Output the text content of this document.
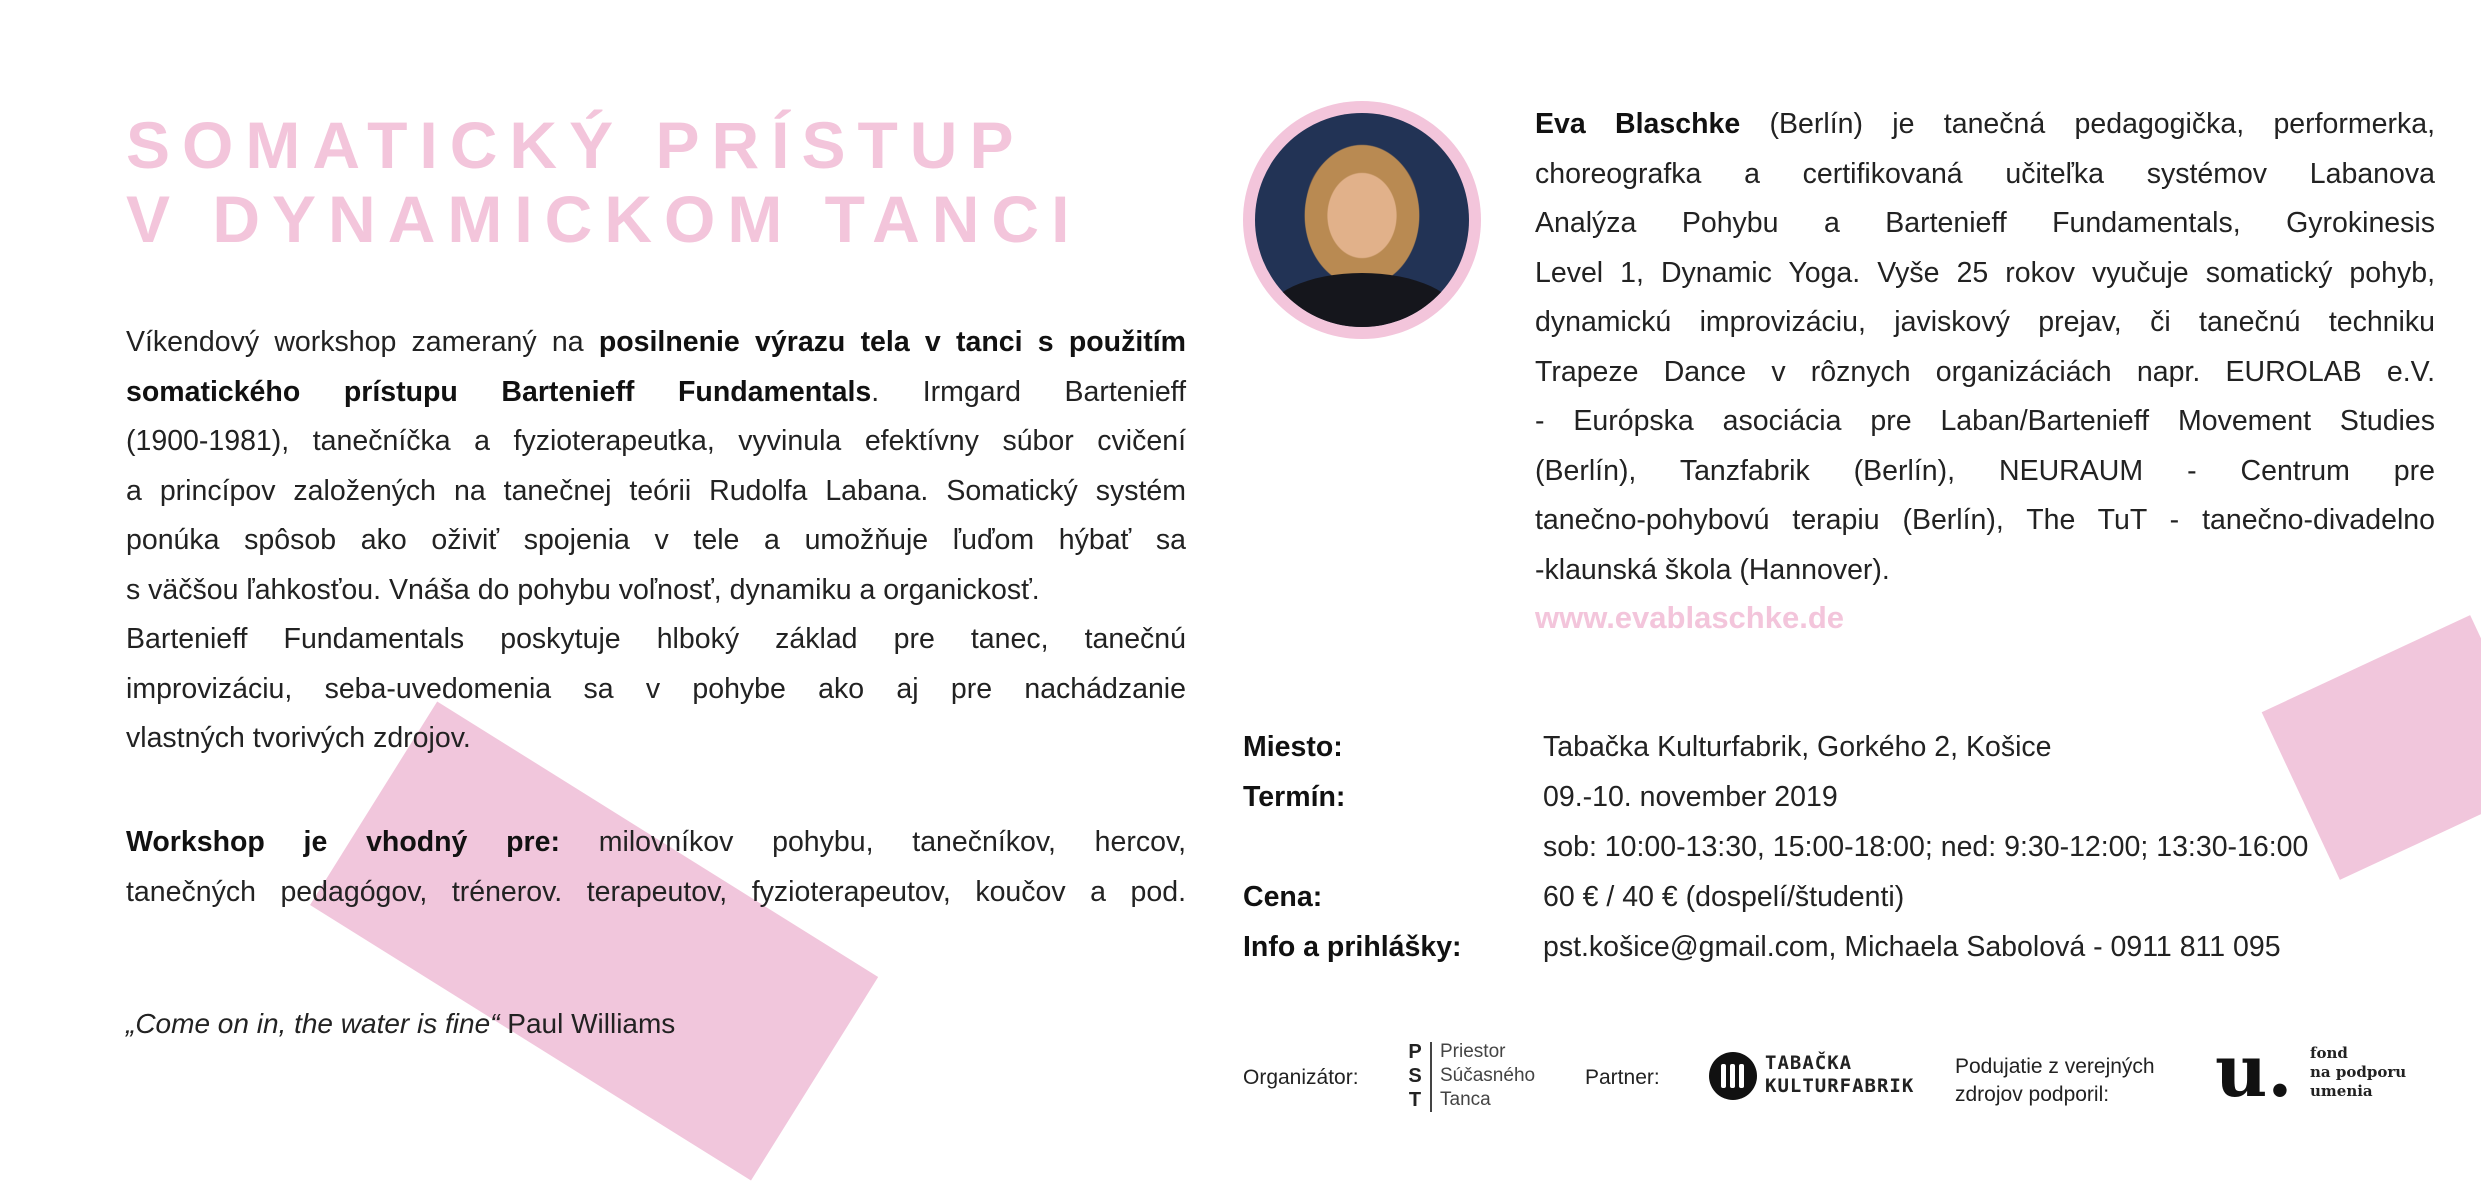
SOMATICKÝ PRÍSTUP
V DYNAMICKOM TANCI

Víkendový workshop zameraný na posilnenie výrazu tela v tanci s použitím
somatického prístupu Bartenieff Fundamentals. Irmgard Bartenieff
(1900-1981), tanečníčka a fyzioterapeutka, vyvinula efektívny súbor cvičení
a princípov založených na tanečnej teórii Rudolfa Labana. Somatický systém
ponúka spôsob ako oživiť spojenia v tele a umožňuje ľuďom hýbať sa
s väčšou ľahkosťou. Vnáša do pohybu voľnosť, dynamiku a organickosť.
Bartenieff Fundamentals poskytuje hlboký základ pre tanec, tanečnú
improvizáciu, seba-uvedomenia sa v pohybe ako aj pre nachádzanie
vlastných tvorivých zdrojov.

Workshop je vhodný pre: milovníkov pohybu, tanečníkov, hercov,
tanečných pedagógov, trénerov. terapeutov, fyzioterapeutov, koučov a pod.

„Come on in, the water is fine“ Paul Williams

Eva Blaschke (Berlín) je tanečná pedagogička, performerka,
choreografka a certifikovaná učiteľka systémov Labanova
Analýza Pohybu a Bartenieff Fundamentals, Gyrokinesis
Level 1, Dynamic Yoga. Vyše 25 rokov vyučuje somatický pohyb,
dynamickú improvizáciu, javiskový prejav, či tanečnú techniku
Trapeze Dance v rôznych organizáciách napr. EUROLAB e.V.
- Európska asociácia pre Laban/Bartenieff Movement Studies
(Berlín), Tanzfabrik (Berlín), NEURAUM - Centrum pre
tanečno-pohybovú terapiu (Berlín), The TuT - tanečno-divadelno
-klaunská škola (Hannover).

www.evablaschke.de
Miesto:	Tabačka Kulturfabrik, Gorkého 2, Košice
Termín:	09.-10. november 2019
sob: 10:00-13:30, 15:00-18:00; ned: 9:30-12:00; 13:30-16:00
Cena:	60 € / 40 € (dospelí/študenti)
Info a prihlášky:	pst.košice@gmail.com, Michaela Sabolová - 0911 811 095
Organizátor:
P
S
T
Priestor
Súčasného
Tanca
Partner:
TABAČKA
KULTURFABRIK
Podujatie z verejných
zdrojov podporil:	u. fond
na podporu
umenia
